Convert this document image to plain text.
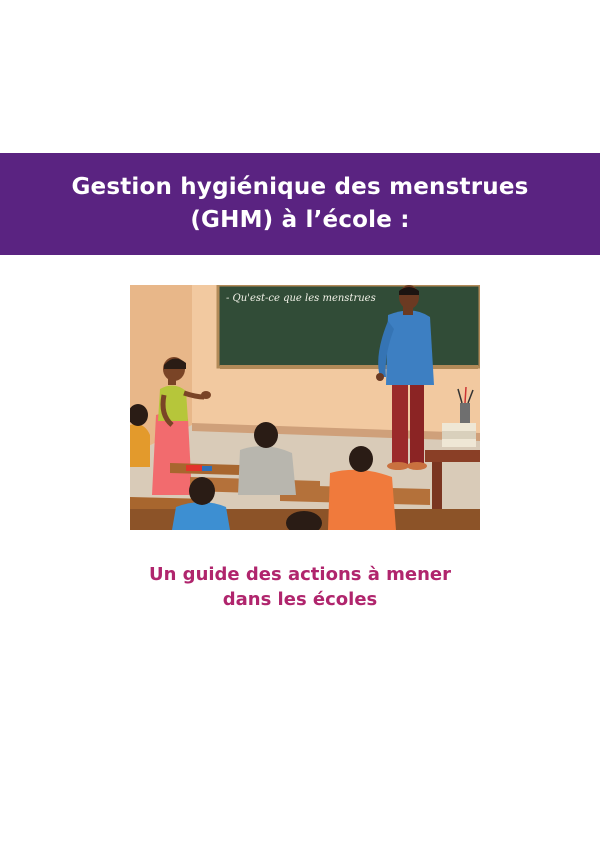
Gestion hygiénique des menstrues
(GHM) à l’école :
- Qu'est-ce que les menstrues
Un guide des actions à mener
dans les écoles
